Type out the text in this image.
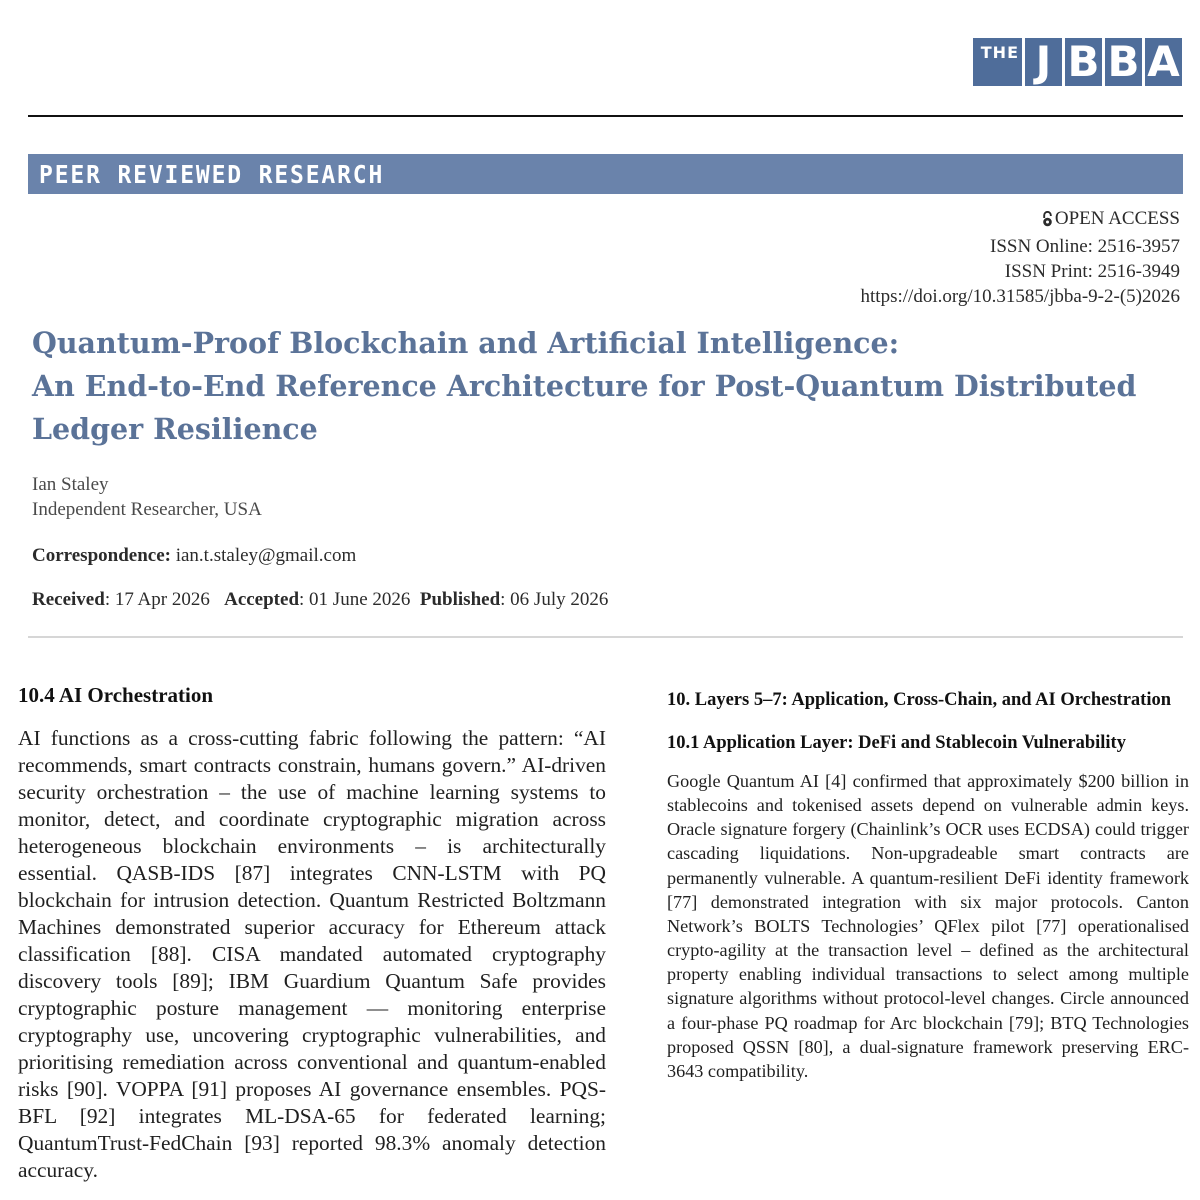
THE J B B A
PEER REVIEWED RESEARCH
OPEN ACCESS
ISSN Online: 2516-3957
ISSN Print: 2516-3949
https://doi.org/10.31585/jbba-9-2-(5)2026
Quantum-Proof Blockchain and Artificial Intelligence:
An End-to-End Reference Architecture for Post-Quantum Distributed
Ledger Resilience
Ian Staley
Independent Researcher, USA
Correspondence: ian.t.staley@gmail.com
Received: 17 Apr 2026 Accepted: 01 June 2026 Published: 06 July 2026
10.4 AI Orchestration

AI functions as a cross-cutting fabric following the pattern: “AI recommends, smart contracts constrain, humans govern.” AI-driven security orchestration – the use of machine learning systems to monitor, detect, and coordinate cryptographic migration across heterogeneous blockchain environments – is architecturally essential. QASB-IDS [87] integrates CNN-LSTM with PQ blockchain for intrusion detection. Quantum Restricted Boltzmann Machines demonstrated superior accuracy for Ethereum attack classification [88]. CISA mandated automated cryptography discovery tools [89]; IBM Guardium Quantum Safe provides cryptographic posture management — monitoring enterprise cryptography use, uncovering cryptographic vulnerabilities, and prioritising remediation across conventional and quantum-enabled risks [90]. VOPPA [91] proposes AI governance ensembles. PQS-BFL [92] integrates ML-DSA-65 for federated learning; QuantumTrust-FedChain [93] reported 98.3% anomaly detection accuracy.

10. Layers 5–7: Application, Cross-Chain, and AI Orchestration
10.1 Application Layer: DeFi and Stablecoin Vulnerability

Google Quantum AI [4] confirmed that approximately $200 billion in stablecoins and tokenised assets depend on vulnerable admin keys. Oracle signature forgery (Chainlink’s OCR uses ECDSA) could trigger cascading liquidations. Non-upgradeable smart contracts are permanently vulnerable. A quantum-resilient DeFi identity framework [77] demonstrated integration with six major protocols. Canton Network’s BOLTS Technologies’ QFlex pilot [77] operationalised crypto-agility at the transaction level – defined as the architectural property enabling individual transactions to select among multiple signature algorithms without protocol-level changes. Circle announced a four-phase PQ roadmap for Arc blockchain [79]; BTQ Technologies proposed QSSN [80], a dual-signature framework preserving ERC-3643 compatibility.
